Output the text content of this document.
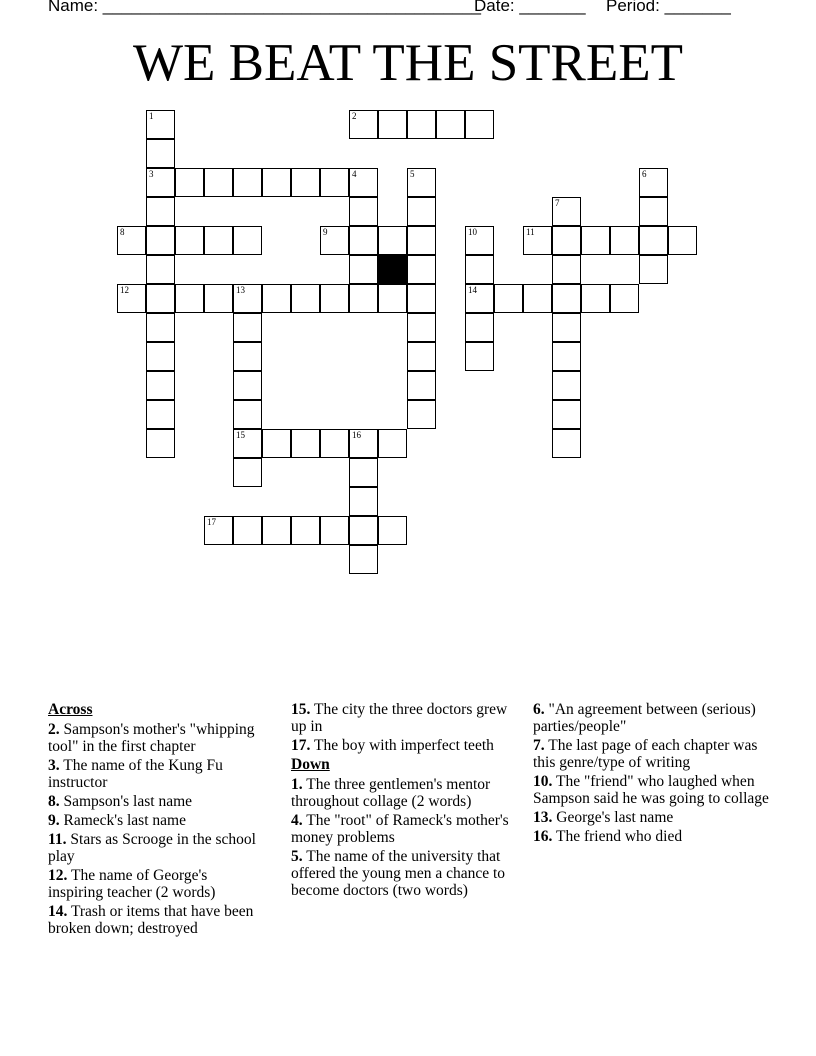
Name: ________________________________________
Date: _______ Period: _______
WE BEAT THE STREET
1	2
3	4	5	6
7
8	9	10	11
12	13	14
15	16
17
Across
2. Sampson's mother's "whipping tool" in the first chapter
3. The name of the Kung Fu instructor
8. Sampson's last name
9. Rameck's last name
11. Stars as Scrooge in the school play
12. The name of George's inspiring teacher (2 words)
14. Trash or items that have been broken down; destroyed
15. The city the three doctors grew up in
17. The boy with imperfect teeth
Down
1. The three gentlemen's mentor throughout collage (2 words)
4. The "root" of Rameck's mother's money problems
5. The name of the university that offered the young men a chance to become doctors (two words)
6. "An agreement between (serious) parties/people"
7. The last page of each chapter was this genre/type of writing
10. The "friend" who laughed when Sampson said he was going to collage
13. George's last name
16. The friend who died
